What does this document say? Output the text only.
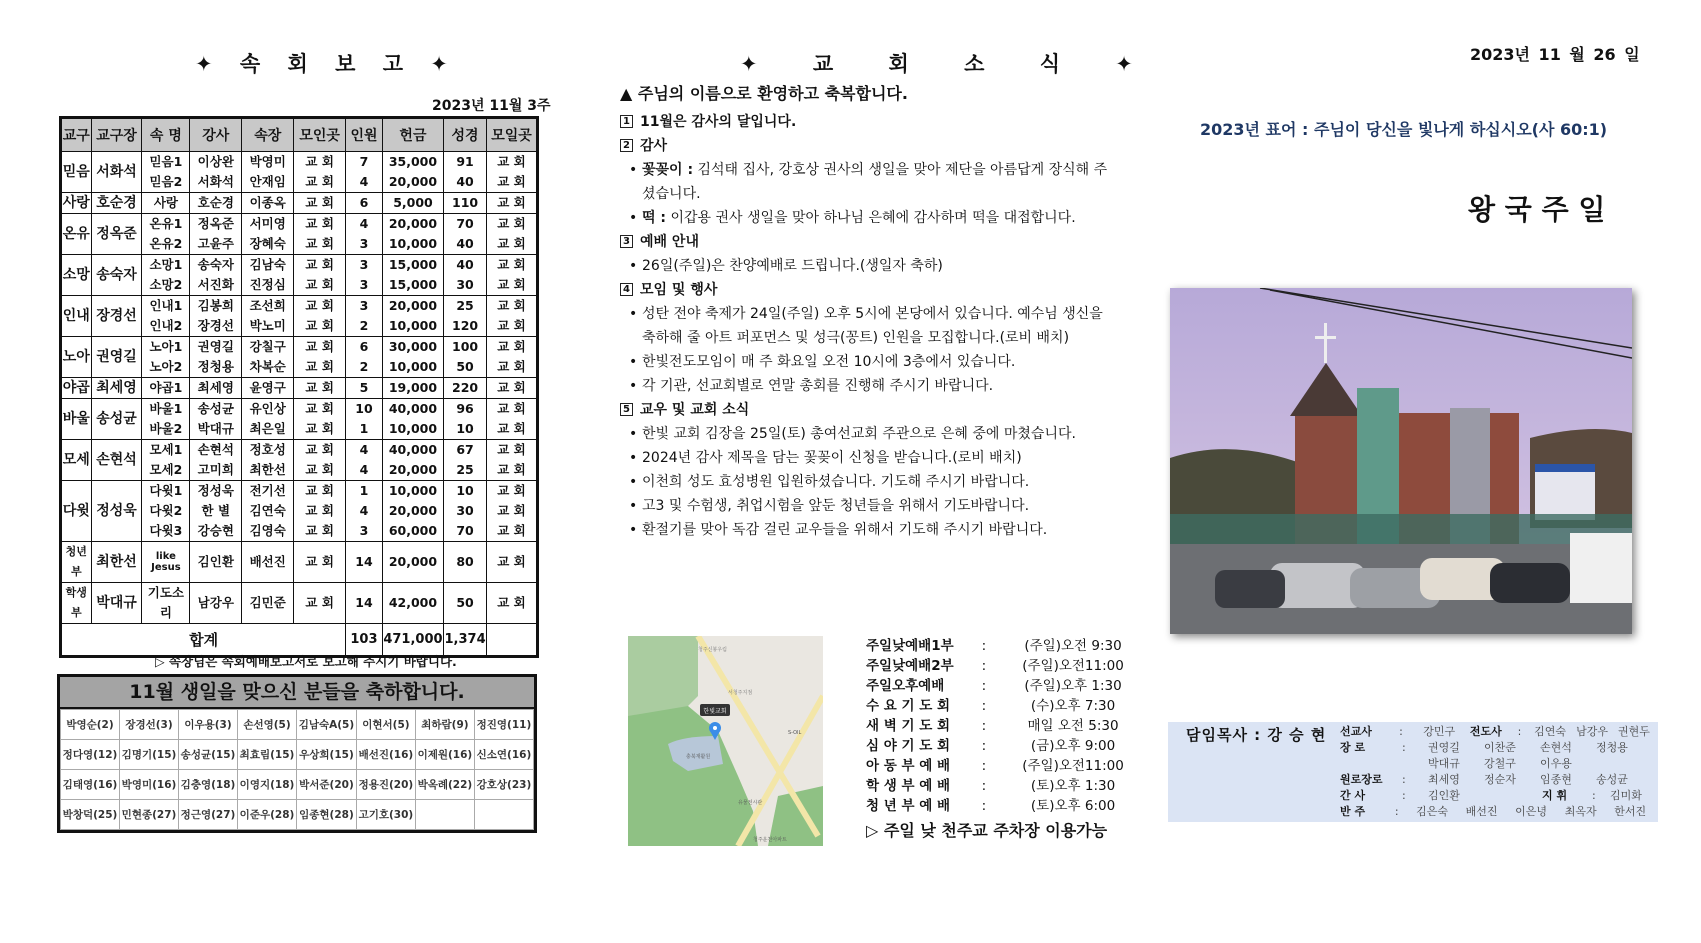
✦ 속 회 보 고 ✦
2023년 11월 3주
교구	교구장	속 명	강사	속장	모인곳	인원	헌금	성경	모일곳
믿음	서화석	믿음1	이상완	박영미	교 회	7	35,000	91	교 회
		믿음2	서화석	안재임	교 회	4	20,000	40	교 회
사랑	호순경	사랑	호순경	이종옥	교 회	6	5,000	110	교 회
온유	정옥준	온유1	정옥준	서미영	교 회	4	20,000	70	교 회
		온유2	고윤주	장혜숙	교 회	3	10,000	40	교 회
소망	송숙자	소망1	송숙자	김남숙	교 회	3	15,000	40	교 회
		소망2	서진화	진정심	교 회	3	15,000	30	교 회
인내	장경선	인내1	김봉희	조선희	교 회	3	20,000	25	교 회
		인내2	장경선	박노미	교 회	2	10,000	120	교 회
노아	권영길	노아1	권영길	강칠구	교 회	6	30,000	100	교 회
		노아2	정청용	차복순	교 회	2	10,000	50	교 회
야곱	최세영	야곱1	최세영	윤영구	교 회	5	19,000	220	교 회
바울	송성균	바울1	송성균	유인상	교 회	10	40,000	96	교 회
		바울2	박대규	최은일	교 회	1	10,000	10	교 회
모세	손현석	모세1	손현석	정호성	교 회	4	40,000	67	교 회
		모세2	고미희	최한선	교 회	4	20,000	25	교 회
다윗	정성욱	다윗1	정성욱	전기선	교 회	1	10,000	10	교 회
		다윗2	한 별	김연숙	교 회	4	20,000	30	교 회
		다윗3	강승현	김영숙	교 회	3	60,000	70	교 회
청년부	최한선	like Jesus	김인환	배선진	교 회	14	20,000	80	교 회
학생부	박대규	기도소리	남강우	김민준	교 회	14	42,000	50	교 회
합계						103	471,000	1,374	
▷ 속장님은 속회예배보고서로 보고해 주시기 바랍니다.
11월 생일을 맞으신 분들을 축하합니다.
박영순(2)	장경선(3)	이우용(3)	손선영(5)	김남숙A(5)	이현서(5)	최하람(9)	정진영(11)
정다영(12)	김명기(15)	송성균(15)	최효림(15)	우상희(15)	배선진(16)	이제원(16)	신소연(16)
김태영(16)	박영미(16)	김충영(18)	이영지(18)	박서준(20)	정용진(20)	박옥례(22)	강호상(23)
박창덕(25)	민현종(27)	정근영(27)	이준우(28)	임종현(28)	고기호(30)		
✦ 교 회 소 식 ✦
▲ 주님의 이름으로 환영하고 축복합니다.
1 11월은 감사의 달입니다.
2 감사
• 꽃꽂이 : 김석태 집사, 강호상 권사의 생일을 맞아 제단을 아름답게 장식해 주셨습니다.
• 떡 : 이갑용 권사 생일을 맞아 하나님 은혜에 감사하며 떡을 대접합니다.
3 예배 안내
• 26일(주일)은 찬양예배로 드립니다.(생일자 축하)
4 모임 및 행사
• 성탄 전야 축제가 24일(주일) 오후 5시에 본당에서 있습니다. 예수님 생신을 축하해 줄 아트 퍼포먼스 및 성극(꽁트) 인원을 모집합니다.(로비 배치)
• 한빛전도모임이 매 주 화요일 오전 10시에 3층에서 있습니다.
• 각 기관, 선교회별로 연말 총회를 진행해 주시기 바랍니다.
5 교우 및 교회 소식
• 한빛 교회 김장을 25일(토) 총여선교회 주관으로 은혜 중에 마쳤습니다.
• 2024년 감사 제목을 담는 꽃꽂이 신청을 받습니다.(로비 배치)
• 이천희 성도 효성병원 입원하셨습니다. 기도해 주시기 바랍니다.
• 고3 및 수험생, 취업시험을 앞둔 청년들을 위해서 기도바랍니다.
• 환절기를 맞아 독감 걸린 교우들을 위해서 기도해 주시기 바랍니다.
한빛교회
청주신봉우림
서청주지점
S-OIL
충북재활원
유물전시관
청주운천아파트
주일낮예배1부	:	(주일)오전 9:30
주일낮예배2부	:	(주일)오전11:00
주일오후예배	:	(주일)오후 1:30
수 요 기 도 회	:	(수)오후 7:30
새 벽 기 도 회	:	매일 오전 5:30
심 야 기 도 회	:	(금)오후 9:00
아 동 부 예 배	:	(주일)오전11:00
학 생 부 예 배	:	(토)오후 1:30
청 년 부 예 배	:	(토)오후 6:00
▷ 주일 낮 천주교 주차장 이용가능
2023년 11 월 26 일
2023년 표어 : 주님이 당신을 빛나게 하십시오(사 60:1)
왕 국 주 일
담임목사 : 강 승 현 선교사	:	강민구	전도사	:	김연숙 남강우 권현두
장 로	:	권영길	이찬준	손현석	정청용
박대규	강철구	이우용
원로장로	:	최세영	정순자	임종현	송성균
간 사	:	김인환	지 휘	:	김미화
반 주	:	김은숙	배선진	이은녕	최옥자	한서진
